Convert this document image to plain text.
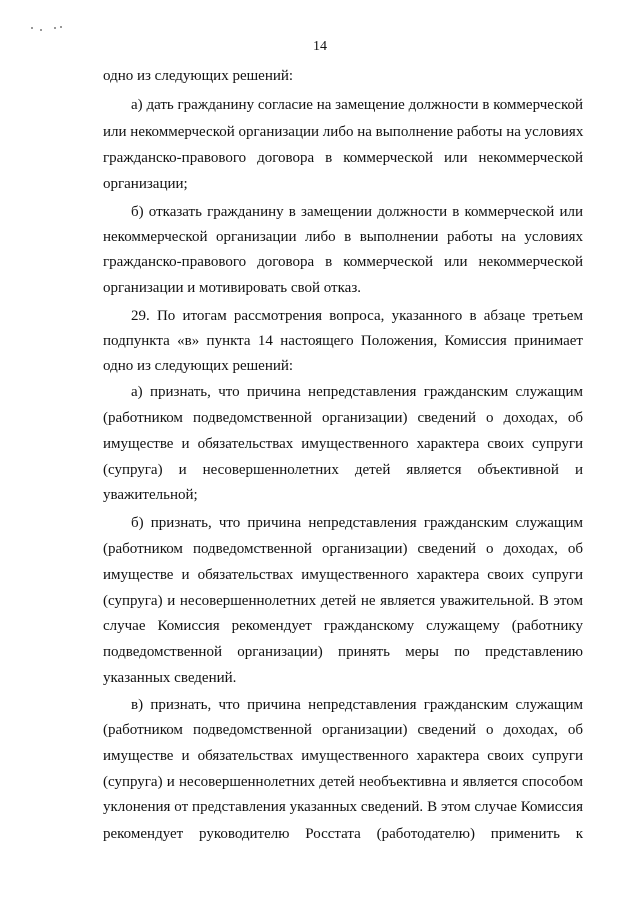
14
одно из следующих решений:
а) дать гражданину согласие на замещение должности в коммерческой
или некоммерческой организации либо на выполнение работы на условиях
гражданско-правового договора в коммерческой или некоммерческой
организации;
б) отказать гражданину в замещении должности в коммерческой или
некоммерческой организации либо в выполнении работы на условиях
гражданско-правового договора в коммерческой или некоммерческой
организации и мотивировать свой отказ.
29. По итогам рассмотрения вопроса, указанного в абзаце третьем
подпункта «в» пункта 14 настоящего Положения, Комиссия принимает
одно из следующих решений:
а) признать, что причина непредставления гражданским служащим
(работником подведомственной организации) сведений о доходах, об
имуществе и обязательствах имущественного характера своих супруги
(супруга) и несовершеннолетних детей является объективной и
уважительной;
б) признать, что причина непредставления гражданским служащим
(работником подведомственной организации) сведений о доходах, об
имуществе и обязательствах имущественного характера своих супруги
(супруга) и несовершеннолетних детей не является уважительной. В этом
случае Комиссия рекомендует гражданскому служащему (работнику
подведомственной организации) принять меры по представлению
указанных сведений.
в) признать, что причина непредставления гражданским служащим
(работником подведомственной организации) сведений о доходах, об
имуществе и обязательствах имущественного характера своих супруги
(супруга) и несовершеннолетних детей необъективна и является способом
уклонения от представления указанных сведений. В этом случае Комиссия
рекомендует руководителю Росстата (работодателю) применить к
